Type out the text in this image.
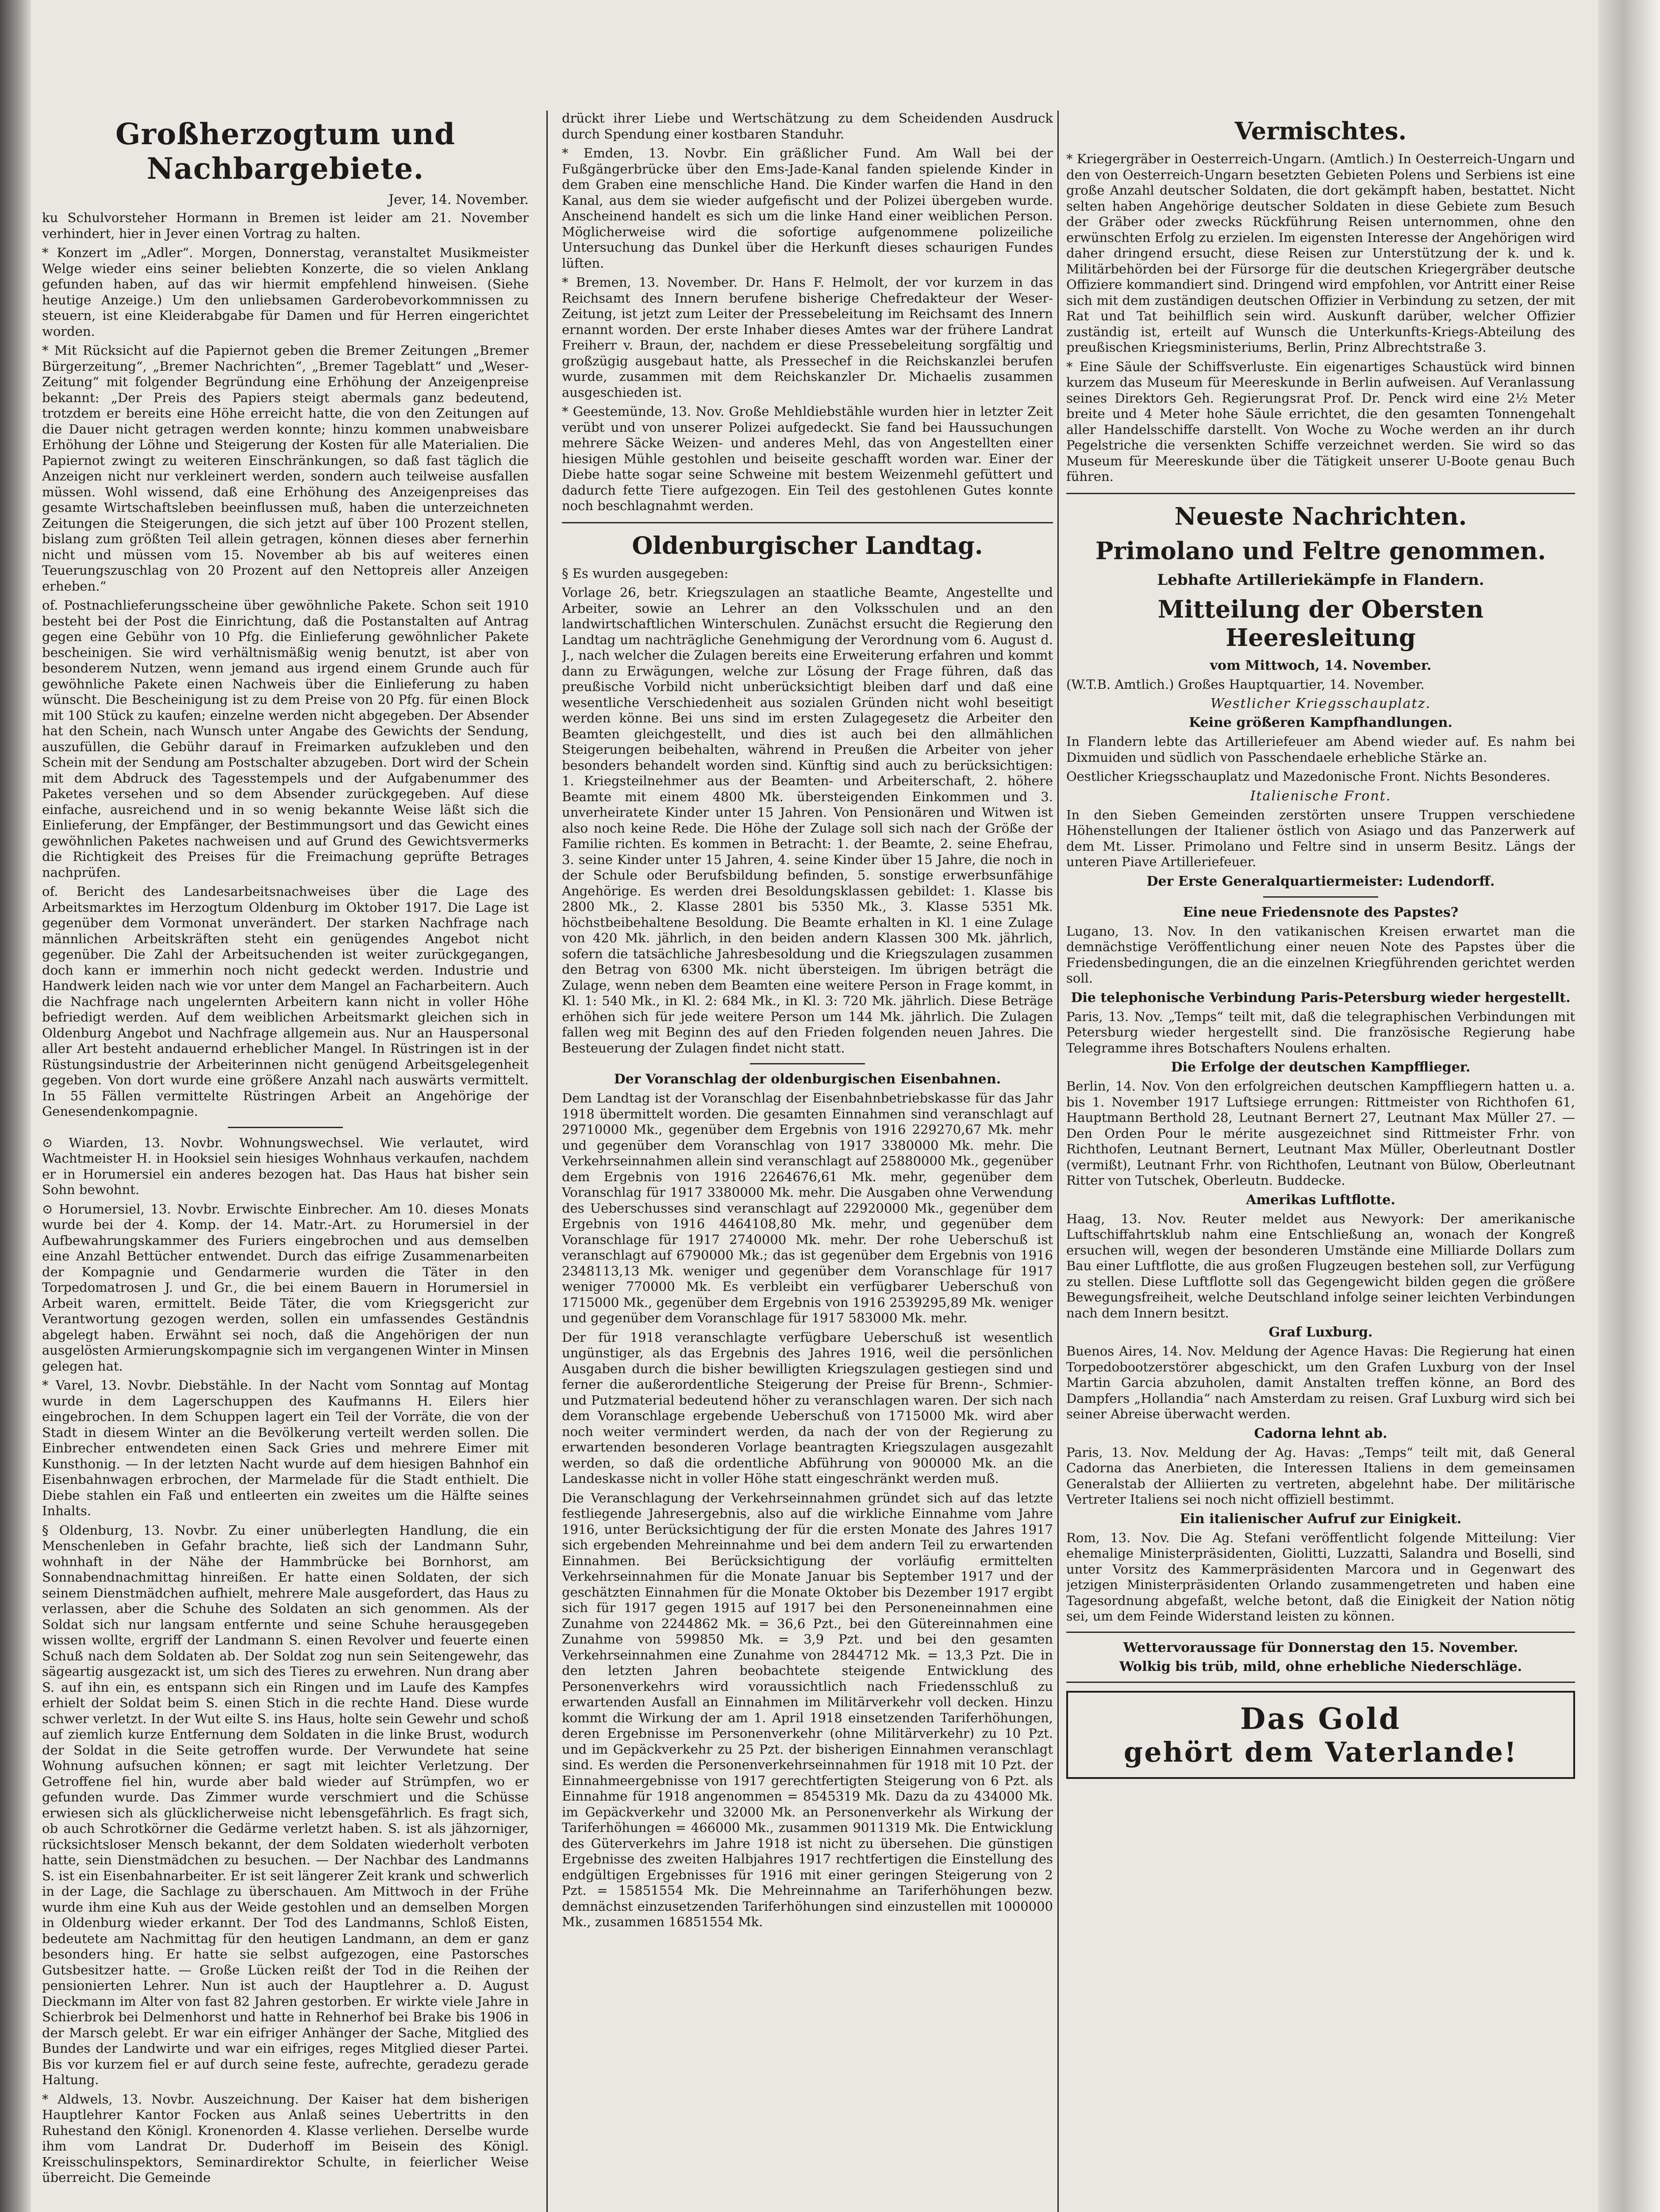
Großherzogtum und Nachbargebiete.
Jever, 14. November.

ku Schulvorsteher Hormann in Bremen ist leider am 21. November verhindert, hier in Jever einen Vortrag zu halten.

* Konzert im „Adler“. Morgen, Donnerstag, veranstaltet Musikmeister Welge wieder eins seiner beliebten Konzerte, die so vielen Anklang gefunden haben, auf das wir hiermit empfehlend hinweisen. (Siehe heutige Anzeige.) Um den unliebsamen Garderobevorkommnissen zu steuern, ist eine Kleiderabgabe für Damen und für Herren eingerichtet worden.

* Mit Rücksicht auf die Papiernot geben die Bremer Zeitungen „Bremer Bürgerzeitung“, „Bremer Nachrichten“, „Bremer Tageblatt“ und „Weser-Zeitung“ mit folgender Begründung eine Erhöhung der Anzeigenpreise bekannt: „Der Preis des Papiers steigt abermals ganz bedeutend, trotzdem er bereits eine Höhe erreicht hatte, die von den Zeitungen auf die Dauer nicht getragen werden konnte; hinzu kommen unabweisbare Erhöhung der Löhne und Steigerung der Kosten für alle Materialien. Die Papiernot zwingt zu weiteren Einschränkungen, so daß fast täglich die Anzeigen nicht nur verkleinert werden, sondern auch teilweise ausfallen müssen. Wohl wissend, daß eine Erhöhung des Anzeigenpreises das gesamte Wirtschaftsleben beeinflussen muß, haben die unterzeichneten Zeitungen die Steigerungen, die sich jetzt auf über 100 Prozent stellen, bislang zum größten Teil allein getragen, können dieses aber fernerhin nicht und müssen vom 15. November ab bis auf weiteres einen Teuerungszuschlag von 20 Prozent auf den Nettopreis aller Anzeigen erheben.“

of. Postnachlieferungsscheine über gewöhnliche Pakete. Schon seit 1910 besteht bei der Post die Einrichtung, daß die Postanstalten auf Antrag gegen eine Gebühr von 10 Pfg. die Einlieferung gewöhnlicher Pakete bescheinigen. Sie wird verhältnismäßig wenig benutzt, ist aber von besonderem Nutzen, wenn jemand aus irgend einem Grunde auch für gewöhnliche Pakete einen Nachweis über die Einlieferung zu haben wünscht. Die Bescheinigung ist zu dem Preise von 20 Pfg. für einen Block mit 100 Stück zu kaufen; einzelne werden nicht abgegeben. Der Absender hat den Schein, nach Wunsch unter Angabe des Gewichts der Sendung, auszufüllen, die Gebühr darauf in Freimarken aufzukleben und den Schein mit der Sendung am Postschalter abzugeben. Dort wird der Schein mit dem Abdruck des Tagesstempels und der Aufgabenummer des Paketes versehen und so dem Absender zurückgegeben. Auf diese einfache, ausreichend und in so wenig bekannte Weise läßt sich die Einlieferung, der Empfänger, der Bestimmungsort und das Gewicht eines gewöhnlichen Paketes nachweisen und auf Grund des Gewichtsvermerks die Richtigkeit des Preises für die Freimachung geprüfte Betrages nachprüfen.

of. Bericht des Landesarbeitsnachweises über die Lage des Arbeitsmarktes im Herzogtum Oldenburg im Oktober 1917. Die Lage ist gegenüber dem Vormonat unverändert. Der starken Nachfrage nach männlichen Arbeitskräften steht ein genügendes Angebot nicht gegenüber. Die Zahl der Arbeitsuchenden ist weiter zurückgegangen, doch kann er immerhin noch nicht gedeckt werden. Industrie und Handwerk leiden nach wie vor unter dem Mangel an Facharbeitern. Auch die Nachfrage nach ungelernten Arbeitern kann nicht in voller Höhe befriedigt werden. Auf dem weiblichen Arbeitsmarkt gleichen sich in Oldenburg Angebot und Nachfrage allgemein aus. Nur an Hauspersonal aller Art besteht andauernd erheblicher Mangel. In Rüstringen ist in der Rüstungsindustrie der Arbeiterinnen nicht genügend Arbeitsgelegenheit gegeben. Von dort wurde eine größere Anzahl nach auswärts vermittelt. In 55 Fällen vermittelte Rüstringen Arbeit an Angehörige der Genesendenkompagnie.

⊙ Wiarden, 13. Novbr. Wohnungswechsel. Wie verlautet, wird Wachtmeister H. in Hooksiel sein hiesiges Wohnhaus verkaufen, nachdem er in Horumersiel ein anderes bezogen hat. Das Haus hat bisher sein Sohn bewohnt.

⊙ Horumersiel, 13. Novbr. Erwischte Einbrecher. Am 10. dieses Monats wurde bei der 4. Komp. der 14. Matr.-Art. zu Horumersiel in der Aufbewahrungskammer des Furiers eingebrochen und aus demselben eine Anzahl Bettücher entwendet. Durch das eifrige Zusammenarbeiten der Kompagnie und Gendarmerie wurden die Täter in den Torpedomatrosen J. und Gr., die bei einem Bauern in Horumersiel in Arbeit waren, ermittelt. Beide Täter, die vom Kriegsgericht zur Verantwortung gezogen werden, sollen ein umfassendes Geständnis abgelegt haben. Erwähnt sei noch, daß die Angehörigen der nun ausgelösten Armierungskompagnie sich im vergangenen Winter in Minsen gelegen hat.

* Varel, 13. Novbr. Diebstähle. In der Nacht vom Sonntag auf Montag wurde in dem Lagerschuppen des Kaufmanns H. Eilers hier eingebrochen. In dem Schuppen lagert ein Teil der Vorräte, die von der Stadt in diesem Winter an die Bevölkerung verteilt werden sollen. Die Einbrecher entwendeten einen Sack Gries und mehrere Eimer mit Kunsthonig. — In der letzten Nacht wurde auf dem hiesigen Bahnhof ein Eisenbahnwagen erbrochen, der Marmelade für die Stadt enthielt. Die Diebe stahlen ein Faß und entleerten ein zweites um die Hälfte seines Inhalts.

§ Oldenburg, 13. Novbr. Zu einer unüberlegten Handlung, die ein Menschenleben in Gefahr brachte, ließ sich der Landmann Suhr, wohnhaft in der Nähe der Hammbrücke bei Bornhorst, am Sonnabendnachmittag hinreißen. Er hatte einen Soldaten, der sich seinem Dienstmädchen aufhielt, mehrere Male ausgefordert, das Haus zu verlassen, aber die Schuhe des Soldaten an sich genommen. Als der Soldat sich nur langsam entfernte und seine Schuhe herausgegeben wissen wollte, ergriff der Landmann S. einen Revolver und feuerte einen Schuß nach dem Soldaten ab. Der Soldat zog nun sein Seitengewehr, das sägeartig ausgezackt ist, um sich des Tieres zu erwehren. Nun drang aber S. auf ihn ein, es entspann sich ein Ringen und im Laufe des Kampfes erhielt der Soldat beim S. einen Stich in die rechte Hand. Diese wurde schwer verletzt. In der Wut eilte S. ins Haus, holte sein Gewehr und schoß auf ziemlich kurze Entfernung dem Soldaten in die linke Brust, wodurch der Soldat in die Seite getroffen wurde. Der Verwundete hat seine Wohnung aufsuchen können; er sagt mit leichter Verletzung. Der Getroffene fiel hin, wurde aber bald wieder auf Strümpfen, wo er gefunden wurde. Das Zimmer wurde verschmiert und die Schüsse erwiesen sich als glücklicherweise nicht lebensgefährlich. Es fragt sich, ob auch Schrotkörner die Gedärme verletzt haben. S. ist als jähzorniger, rücksichtsloser Mensch bekannt, der dem Soldaten wiederholt verboten hatte, sein Dienstmädchen zu besuchen. — Der Nachbar des Landmanns S. ist ein Eisenbahnarbeiter. Er ist seit längerer Zeit krank und schwerlich in der Lage, die Sachlage zu überschauen. Am Mittwoch in der Frühe wurde ihm eine Kuh aus der Weide gestohlen und an demselben Morgen in Oldenburg wieder erkannt. Der Tod des Landmanns, Schloß Eisten, bedeutete am Nachmittag für den heutigen Landmann, an dem er ganz besonders hing. Er hatte sie selbst aufgezogen, eine Pastorsches Gutsbesitzer hatte. — Große Lücken reißt der Tod in die Reihen der pensionierten Lehrer. Nun ist auch der Hauptlehrer a. D. August Dieckmann im Alter von fast 82 Jahren gestorben. Er wirkte viele Jahre in Schierbrok bei Delmenhorst und hatte in Rehnerhof bei Brake bis 1906 in der Marsch gelebt. Er war ein eifriger Anhänger der Sache, Mitglied des Bundes der Landwirte und war ein eifriges, reges Mitglied dieser Partei. Bis vor kurzem fiel er auf durch seine feste, aufrechte, geradezu gerade Haltung.

* Aldwels, 13. Novbr. Auszeichnung. Der Kaiser hat dem bisherigen Hauptlehrer Kantor Focken aus Anlaß seines Uebertritts in den Ruhestand den Königl. Kronenorden 4. Klasse verliehen. Derselbe wurde ihm vom Landrat Dr. Duderhoff im Beisein des Königl. Kreisschulinspektors, Seminardirektor Schulte, in feierlicher Weise überreicht. Die Gemeinde

drückt ihrer Liebe und Wertschätzung zu dem Scheidenden Ausdruck durch Spendung einer kostbaren Standuhr.

* Emden, 13. Novbr. Ein gräßlicher Fund. Am Wall bei der Fußgängerbrücke über den Ems-Jade-Kanal fanden spielende Kinder in dem Graben eine menschliche Hand. Die Kinder warfen die Hand in den Kanal, aus dem sie wieder aufgefischt und der Polizei übergeben wurde. Anscheinend handelt es sich um die linke Hand einer weiblichen Person. Möglicherweise wird die sofortige aufgenommene polizeiliche Untersuchung das Dunkel über die Herkunft dieses schaurigen Fundes lüften.

* Bremen, 13. November. Dr. Hans F. Helmolt, der vor kurzem in das Reichsamt des Innern berufene bisherige Chefredakteur der Weser-Zeitung, ist jetzt zum Leiter der Pressebeleitung im Reichsamt des Innern ernannt worden. Der erste Inhaber dieses Amtes war der frühere Landrat Freiherr v. Braun, der, nachdem er diese Pressebeleitung sorgfältig und großzügig ausgebaut hatte, als Pressechef in die Reichskanzlei berufen wurde, zusammen mit dem Reichskanzler Dr. Michaelis zusammen ausgeschieden ist.

* Geestemünde, 13. Nov. Große Mehldiebstähle wurden hier in letzter Zeit verübt und von unserer Polizei aufgedeckt. Sie fand bei Haussuchungen mehrere Säcke Weizen- und anderes Mehl, das von Angestellten einer hiesigen Mühle gestohlen und beiseite geschafft worden war. Einer der Diebe hatte sogar seine Schweine mit bestem Weizenmehl gefüttert und dadurch fette Tiere aufgezogen. Ein Teil des gestohlenen Gutes konnte noch beschlagnahmt werden.

Oldenburgischer Landtag.

§ Es wurden ausgegeben:

Vorlage 26, betr. Kriegszulagen an staatliche Beamte, Angestellte und Arbeiter, sowie an Lehrer an den Volksschulen und an den landwirtschaftlichen Winterschulen. Zunächst ersucht die Regierung den Landtag um nachträgliche Genehmigung der Verordnung vom 6. August d. J., nach welcher die Zulagen bereits eine Erweiterung erfahren und kommt dann zu Erwägungen, welche zur Lösung der Frage führen, daß das preußische Vorbild nicht unberücksichtigt bleiben darf und daß eine wesentliche Verschiedenheit aus sozialen Gründen nicht wohl beseitigt werden könne. Bei uns sind im ersten Zulagegesetz die Arbeiter den Beamten gleichgestellt, und dies ist auch bei den allmählichen Steigerungen beibehalten, während in Preußen die Arbeiter von jeher besonders behandelt worden sind. Künftig sind auch zu berücksichtigen: 1. Kriegsteilnehmer aus der Beamten- und Arbeiterschaft, 2. höhere Beamte mit einem 4800 Mk. übersteigenden Einkommen und 3. unverheiratete Kinder unter 15 Jahren. Von Pensionären und Witwen ist also noch keine Rede. Die Höhe der Zulage soll sich nach der Größe der Familie richten. Es kommen in Betracht: 1. der Beamte, 2. seine Ehefrau, 3. seine Kinder unter 15 Jahren, 4. seine Kinder über 15 Jahre, die noch in der Schule oder Berufsbildung befinden, 5. sonstige erwerbsunfähige Angehörige. Es werden drei Besoldungsklassen gebildet: 1. Klasse bis 2800 Mk., 2. Klasse 2801 bis 5350 Mk., 3. Klasse 5351 Mk. höchstbeibehaltene Besoldung. Die Beamte erhalten in Kl. 1 eine Zulage von 420 Mk. jährlich, in den beiden andern Klassen 300 Mk. jährlich, sofern die tatsächliche Jahresbesoldung und die Kriegszulagen zusammen den Betrag von 6300 Mk. nicht übersteigen. Im übrigen beträgt die Zulage, wenn neben dem Beamten eine weitere Person in Frage kommt, in Kl. 1: 540 Mk., in Kl. 2: 684 Mk., in Kl. 3: 720 Mk. jährlich. Diese Beträge erhöhen sich für jede weitere Person um 144 Mk. jährlich. Die Zulagen fallen weg mit Beginn des auf den Frieden folgenden neuen Jahres. Die Besteuerung der Zulagen findet nicht statt.

Der Voranschlag der oldenburgischen Eisenbahnen.

Dem Landtag ist der Voranschlag der Eisenbahnbetriebskasse für das Jahr 1918 übermittelt worden. Die gesamten Einnahmen sind veranschlagt auf 29710000 Mk., gegenüber dem Ergebnis von 1916 229270,67 Mk. mehr und gegenüber dem Voranschlag von 1917 3380000 Mk. mehr. Die Verkehrseinnahmen allein sind veranschlagt auf 25880000 Mk., gegenüber dem Ergebnis von 1916 2264676,61 Mk. mehr, gegenüber dem Voranschlag für 1917 3380000 Mk. mehr. Die Ausgaben ohne Verwendung des Ueberschusses sind veranschlagt auf 22920000 Mk., gegenüber dem Ergebnis von 1916 4464108,80 Mk. mehr, und gegenüber dem Voranschlage für 1917 2740000 Mk. mehr. Der rohe Ueberschuß ist veranschlagt auf 6790000 Mk.; das ist gegenüber dem Ergebnis von 1916 2348113,13 Mk. weniger und gegenüber dem Voranschlage für 1917 weniger 770000 Mk. Es verbleibt ein verfügbarer Ueberschuß von 1715000 Mk., gegenüber dem Ergebnis von 1916 2539295,89 Mk. weniger und gegenüber dem Voranschlage für 1917 583000 Mk. mehr.

Der für 1918 veranschlagte verfügbare Ueberschuß ist wesentlich ungünstiger, als das Ergebnis des Jahres 1916, weil die persönlichen Ausgaben durch die bisher bewilligten Kriegszulagen gestiegen sind und ferner die außerordentliche Steigerung der Preise für Brenn-, Schmier- und Putzmaterial bedeutend höher zu veranschlagen waren. Der sich nach dem Voranschlage ergebende Ueberschuß von 1715000 Mk. wird aber noch weiter vermindert werden, da nach der von der Regierung zu erwartenden besonderen Vorlage beantragten Kriegszulagen ausgezahlt werden, so daß die ordentliche Abführung von 900000 Mk. an die Landeskasse nicht in voller Höhe statt eingeschränkt werden muß.

Die Veranschlagung der Verkehrseinnahmen gründet sich auf das letzte festliegende Jahresergebnis, also auf die wirkliche Einnahme vom Jahre 1916, unter Berücksichtigung der für die ersten Monate des Jahres 1917 sich ergebenden Mehreinnahme und bei dem andern Teil zu erwartenden Einnahmen. Bei Berücksichtigung der vorläufig ermittelten Verkehrseinnahmen für die Monate Januar bis September 1917 und der geschätzten Einnahmen für die Monate Oktober bis Dezember 1917 ergibt sich für 1917 gegen 1915 auf 1917 bei den Personeneinnahmen eine Zunahme von 2244862 Mk. = 36,6 Pzt., bei den Gütereinnahmen eine Zunahme von 599850 Mk. = 3,9 Pzt. und bei den gesamten Verkehrseinnahmen eine Zunahme von 2844712 Mk. = 13,3 Pzt. Die in den letzten Jahren beobachtete steigende Entwicklung des Personenverkehrs wird voraussichtlich nach Friedensschluß zu erwartenden Ausfall an Einnahmen im Militärverkehr voll decken. Hinzu kommt die Wirkung der am 1. April 1918 einsetzenden Tariferhöhungen, deren Ergebnisse im Personenverkehr (ohne Militärverkehr) zu 10 Pzt. und im Gepäckverkehr zu 25 Pzt. der bisherigen Einnahmen veranschlagt sind. Es werden die Personenverkehrseinnahmen für 1918 mit 10 Pzt. der Einnahmeergebnisse von 1917 gerechtfertigten Steigerung von 6 Pzt. als Einnahme für 1918 angenommen = 8545319 Mk. Dazu da zu 434000 Mk. im Gepäckverkehr und 32000 Mk. an Personenverkehr als Wirkung der Tariferhöhungen = 466000 Mk., zusammen 9011319 Mk. Die Entwicklung des Güterverkehrs im Jahre 1918 ist nicht zu übersehen. Die günstigen Ergebnisse des zweiten Halbjahres 1917 rechtfertigen die Einstellung des endgültigen Ergebnisses für 1916 mit einer geringen Steigerung von 2 Pzt. = 15851554 Mk. Die Mehreinnahme an Tariferhöhungen bezw. demnächst einzusetzenden Tariferhöhungen sind einzustellen mit 1000000 Mk., zusammen 16851554 Mk.

Vermischtes.

* Kriegergräber in Oesterreich-Ungarn. (Amtlich.) In Oesterreich-Ungarn und den von Oesterreich-Ungarn besetzten Gebieten Polens und Serbiens ist eine große Anzahl deutscher Soldaten, die dort gekämpft haben, bestattet. Nicht selten haben Angehörige deutscher Soldaten in diese Gebiete zum Besuch der Gräber oder zwecks Rückführung Reisen unternommen, ohne den erwünschten Erfolg zu erzielen. Im eigensten Interesse der Angehörigen wird daher dringend ersucht, diese Reisen zur Unterstützung der k. und k. Militärbehörden bei der Fürsorge für die deutschen Kriegergräber deutsche Offiziere kommandiert sind. Dringend wird empfohlen, vor Antritt einer Reise sich mit dem zuständigen deutschen Offizier in Verbindung zu setzen, der mit Rat und Tat beihilflich sein wird. Auskunft darüber, welcher Offizier zuständig ist, erteilt auf Wunsch die Unterkunfts-Kriegs-Abteilung des preußischen Kriegsministeriums, Berlin, Prinz Albrechtstraße 3.

* Eine Säule der Schiffsverluste. Ein eigenartiges Schaustück wird binnen kurzem das Museum für Meereskunde in Berlin aufweisen. Auf Veranlassung seines Direktors Geh. Regierungsrat Prof. Dr. Penck wird eine 2½ Meter breite und 4 Meter hohe Säule errichtet, die den gesamten Tonnengehalt aller Handelsschiffe darstellt. Von Woche zu Woche werden an ihr durch Pegelstriche die versenkten Schiffe verzeichnet werden. Sie wird so das Museum für Meereskunde über die Tätigkeit unserer U-Boote genau Buch führen.

Neueste Nachrichten.
Primolano und Feltre genommen.
Lebhafte Artilleriekämpfe in Flandern.
Mitteilung der Obersten Heeresleitung
vom Mittwoch, 14. November.

(W.T.B. Amtlich.) Großes Hauptquartier, 14. November.

Westlicher Kriegsschauplatz.
Keine größeren Kampfhandlungen.

In Flandern lebte das Artilleriefeuer am Abend wieder auf. Es nahm bei Dixmuiden und südlich von Passchendaele erhebliche Stärke an.

Oestlicher Kriegsschauplatz und Mazedonische Front. Nichts Besonderes.

Italienische Front.

In den Sieben Gemeinden zerstörten unsere Truppen verschiedene Höhenstellungen der Italiener östlich von Asiago und das Panzerwerk auf dem Mt. Lisser. Primolano und Feltre sind in unserm Besitz. Längs der unteren Piave Artilleriefeuer.

Der Erste Generalquartiermeister: Ludendorff.
Eine neue Friedensnote des Papstes?

Lugano, 13. Nov. In den vatikanischen Kreisen erwartet man die demnächstige Veröffentlichung einer neuen Note des Papstes über die Friedensbedingungen, die an die einzelnen Kriegführenden gerichtet werden soll.

Die telephonische Verbindung Paris-Petersburg wieder hergestellt.

Paris, 13. Nov. „Temps“ teilt mit, daß die telegraphischen Verbindungen mit Petersburg wieder hergestellt sind. Die französische Regierung habe Telegramme ihres Botschafters Noulens erhalten.

Die Erfolge der deutschen Kampfflieger.

Berlin, 14. Nov. Von den erfolgreichen deutschen Kampffliegern hatten u. a. bis 1. November 1917 Luftsiege errungen: Rittmeister von Richthofen 61, Hauptmann Berthold 28, Leutnant Bernert 27, Leutnant Max Müller 27. — Den Orden Pour le mérite ausgezeichnet sind Rittmeister Frhr. von Richthofen, Leutnant Bernert, Leutnant Max Müller, Oberleutnant Dostler (vermißt), Leutnant Frhr. von Richthofen, Leutnant von Bülow, Oberleutnant Ritter von Tutschek, Oberleutn. Buddecke.

Amerikas Luftflotte.

Haag, 13. Nov. Reuter meldet aus Newyork: Der amerikanische Luftschiffahrtsklub nahm eine Entschließung an, wonach der Kongreß ersuchen will, wegen der besonderen Umstände eine Milliarde Dollars zum Bau einer Luftflotte, die aus großen Flugzeugen bestehen soll, zur Verfügung zu stellen. Diese Luftflotte soll das Gegengewicht bilden gegen die größere Bewegungsfreiheit, welche Deutschland infolge seiner leichten Verbindungen nach dem Innern besitzt.

Graf Luxburg.

Buenos Aires, 14. Nov. Meldung der Agence Havas: Die Regierung hat einen Torpedobootzerstörer abgeschickt, um den Grafen Luxburg von der Insel Martin Garcia abzuholen, damit Anstalten treffen könne, an Bord des Dampfers „Hollandia“ nach Amsterdam zu reisen. Graf Luxburg wird sich bei seiner Abreise überwacht werden.

Cadorna lehnt ab.

Paris, 13. Nov. Meldung der Ag. Havas: „Temps“ teilt mit, daß General Cadorna das Anerbieten, die Interessen Italiens in dem gemeinsamen Generalstab der Alliierten zu vertreten, abgelehnt habe. Der militärische Vertreter Italiens sei noch nicht offiziell bestimmt.

Ein italienischer Aufruf zur Einigkeit.

Rom, 13. Nov. Die Ag. Stefani veröffentlicht folgende Mitteilung: Vier ehemalige Ministerpräsidenten, Giolitti, Luzzatti, Salandra und Boselli, sind unter Vorsitz des Kammerpräsidenten Marcora und in Gegenwart des jetzigen Ministerpräsidenten Orlando zusammengetreten und haben eine Tagesordnung abgefaßt, welche betont, daß die Einigkeit der Nation nötig sei, um dem Feinde Widerstand leisten zu können.

Wettervoraussage für Donnerstag den 15. November.
Wolkig bis trüb, mild, ohne erhebliche Niederschläge.
Das Gold
gehört dem Vaterlande!
